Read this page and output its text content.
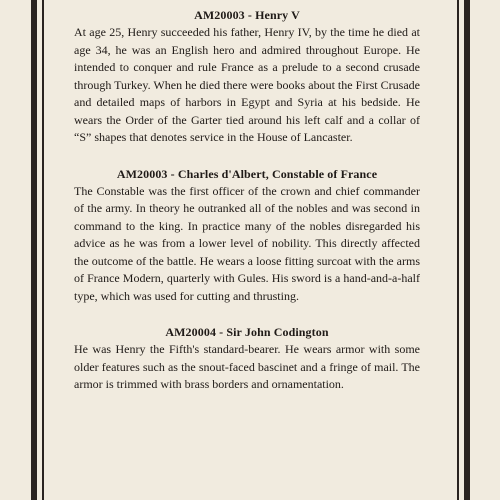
AM20003 - Henry V

At age 25, Henry succeeded his father, Henry IV, by the time he died at age 34, he was an English hero and admired throughout Europe. He intended to conquer and rule France as a prelude to a second crusade through Turkey. When he died there were books about the First Crusade and detailed maps of harbors in Egypt and Syria at his bedside. He wears the Order of the Garter tied around his left calf and a collar of “S” shapes that denotes service in the House of Lancaster.

AM20003 - Charles d'Albert, Constable of France

The Constable was the first officer of the crown and chief commander of the army. In theory he outranked all of the nobles and was second in command to the king. In practice many of the nobles disregarded his advice as he was from a lower level of nobility. This directly affected the outcome of the battle. He wears a loose fitting surcoat with the arms of France Modern, quarterly with Gules. His sword is a hand-and-a-half type, which was used for cutting and thrusting.

AM20004 - Sir John Codington

He was Henry the Fifth's standard-bearer. He wears armor with some older features such as the snout-faced bascinet and a fringe of mail. The armor is trimmed with brass borders and ornamentation.
